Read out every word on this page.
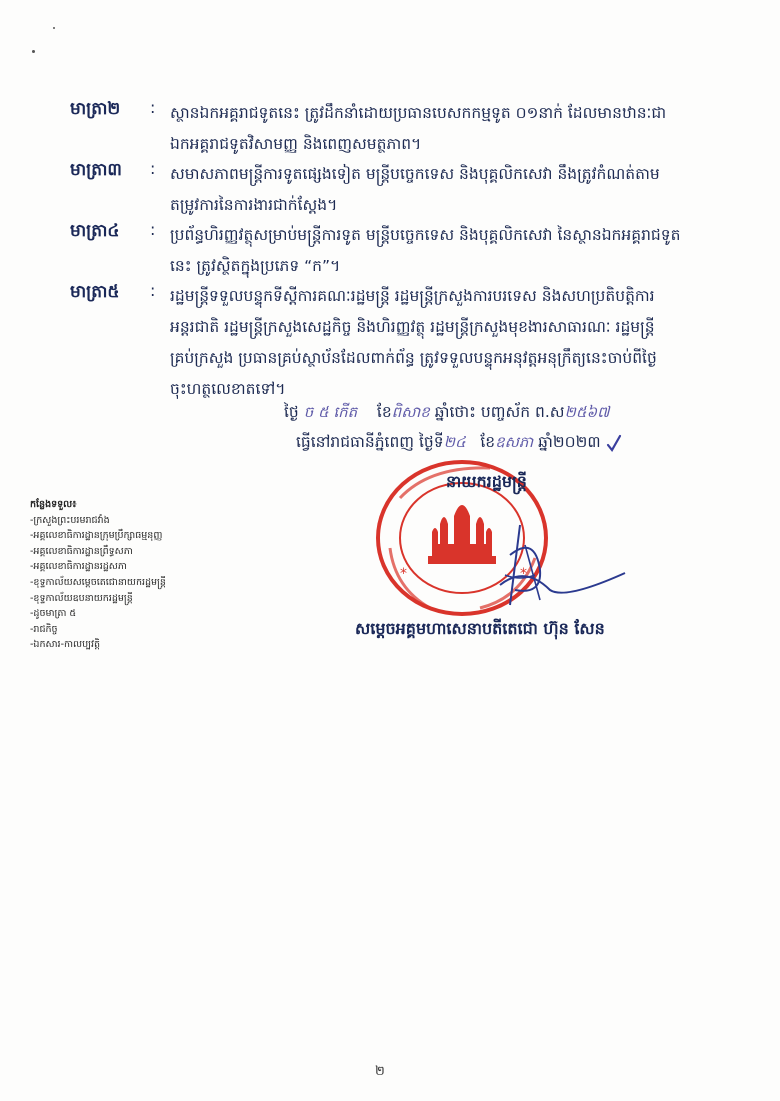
មាត្រា២	: ស្ថានឯកអគ្គរាជទូតនេះ ត្រូវដឹកនាំដោយប្រធានបេសកកម្មទូត ០១នាក់ ដែលមានឋានៈជា

ឯកអគ្គរាជទូតវិសាមញ្ញ និងពេញសមត្ថភាព។

មាត្រា៣	: សមាសភាពមន្ត្រីការទូតផ្សេងទៀត មន្ត្រីបច្ចេកទេស និងបុគ្គលិកសេវា នឹងត្រូវកំណត់តាម

តម្រូវការនៃការងារជាក់ស្តែង។

មាត្រា៤	: ប្រព័ន្ធហិរញ្ញវត្ថុសម្រាប់មន្ត្រីការទូត មន្ត្រីបច្ចេកទេស និងបុគ្គលិកសេវា នៃស្ថានឯកអគ្គរាជទូត

នេះ ត្រូវស្ថិតក្នុងប្រភេទ “ក”។

មាត្រា៥	: រដ្ឋមន្ត្រីទទួលបន្ទុកទីស្តីការគណៈរដ្ឋមន្ត្រី រដ្ឋមន្ត្រីក្រសួងការបរទេស និងសហប្រតិបត្តិការ

អន្តរជាតិ រដ្ឋមន្ត្រីក្រសួងសេដ្ឋកិច្ច និងហិរញ្ញវត្ថុ រដ្ឋមន្ត្រីក្រសួងមុខងារសាធារណៈ រដ្ឋមន្ត្រី

គ្រប់ក្រសួង ប្រធានគ្រប់ស្ថាប័នដែលពាក់ព័ន្ធ ត្រូវទទួលបន្ទុកអនុវត្តអនុក្រឹត្យនេះចាប់ពីថ្ងៃ

ចុះហត្ថលេខាតទៅ។

ថ្ងៃ ច ៥ កើត ខែពិសាខ ឆ្នាំថោះ បញ្ចស័ក ព.ស២៥៦៧
ធ្វើនៅរាជធានីភ្នំពេញ ថ្ងៃទី២៤ ខែឧសភា ឆ្នាំ២០២៣
*	*
នាយករដ្ឋមន្ត្រី
សម្តេចអគ្គមហាសេនាបតីតេជោ ហ៊ុន សែន
កន្លែងទទួល៖
-ក្រសួងព្រះបរមរាជវាំង
-អគ្គលេខាធិការដ្ឋានក្រុមប្រឹក្សាធម្មនុញ្ញ
-អគ្គលេខាធិការដ្ឋានព្រឹទ្ធសភា
-អគ្គលេខាធិការដ្ឋានរដ្ឋសភា
-ខុទ្ទកាល័យសម្តេចតេជោនាយករដ្ឋមន្ត្រី
-ខុទ្ទកាល័យឧបនាយករដ្ឋមន្ត្រី
-ដូចមាត្រា ៥
-រាជកិច្ច
-ឯកសារ-កាលប្បវត្តិ
២
